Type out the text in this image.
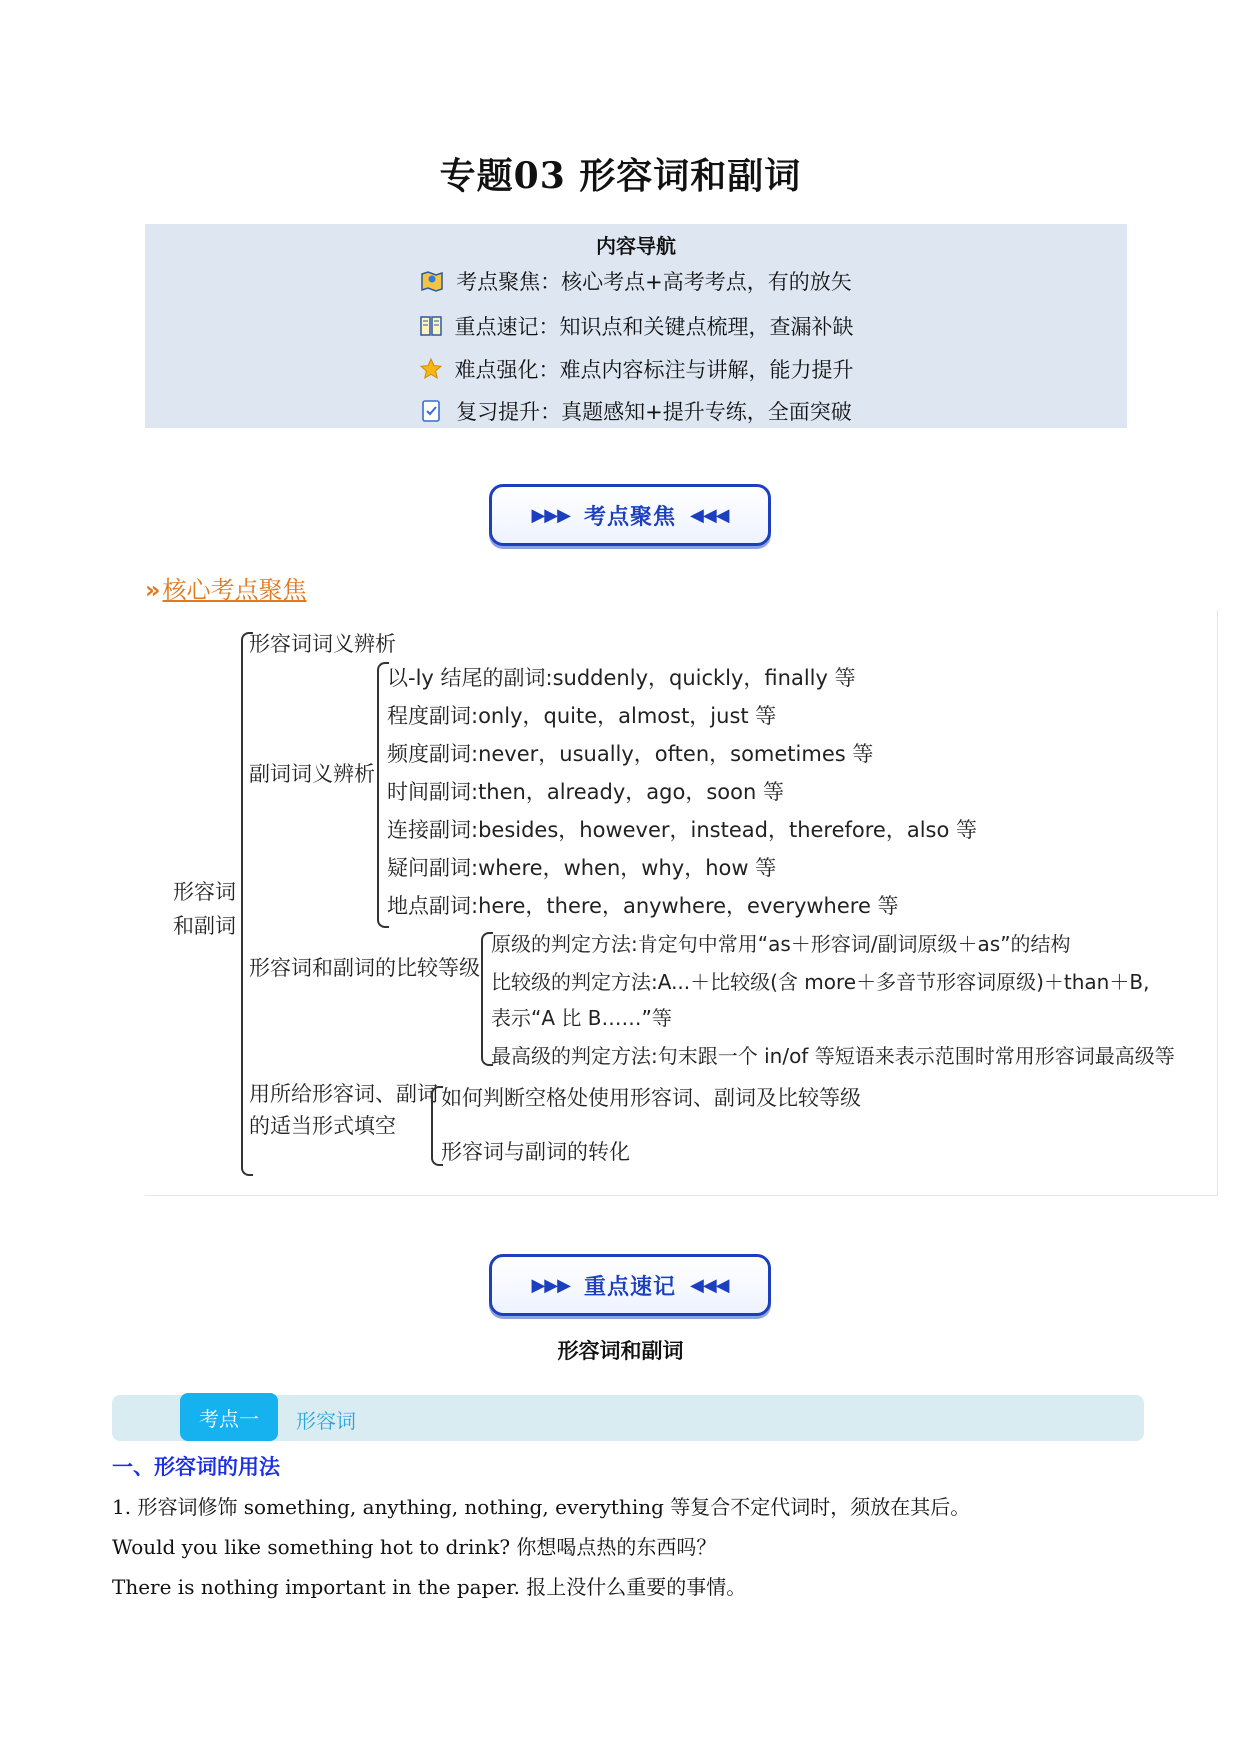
专题03 形容词和副词
内容导航
考点聚焦：核心考点+高考考点，有的放矢
重点速记：知识点和关键点梳理，查漏补缺
难点强化：难点内容标注与讲解，能力提升
复习提升：真题感知+提升专练，全面突破
▶▶▶ 考点聚焦 ◀◀◀
»核心考点聚焦
形容词
和副词
形容词词义辨析
副词词义辨析
以-ly 结尾的副词:suddenly，quickly，finally 等
程度副词:only，quite，almost，just 等
频度副词:never，usually，often，sometimes 等
时间副词:then，already，ago，soon 等
连接副词:besides，however，instead，therefore，also 等
疑问副词:where，when，why，how 等
地点副词:here，there，anywhere，everywhere 等
形容词和副词的比较等级
原级的判定方法:肯定句中常用“as＋形容词/副词原级＋as”的结构
比较级的判定方法:A...＋比较级(含 more＋多音节形容词原级)＋than＋B,
表示“A 比 B……”等
最高级的判定方法:句末跟一个 in/of 等短语来表示范围时常用形容词最高级等
用所给形容词、副词
的适当形式填空
如何判断空格处使用形容词、副词及比较等级
形容词与副词的转化
▶▶▶ 重点速记 ◀◀◀
形容词和副词
考点一	形容词
一、形容词的用法
1. 形容词修饰 something, anything, nothing, everything 等复合不定代词时，须放在其后。
Would you like something hot to drink? 你想喝点热的东西吗？
There is nothing important in the paper. 报上没什么重要的事情。
